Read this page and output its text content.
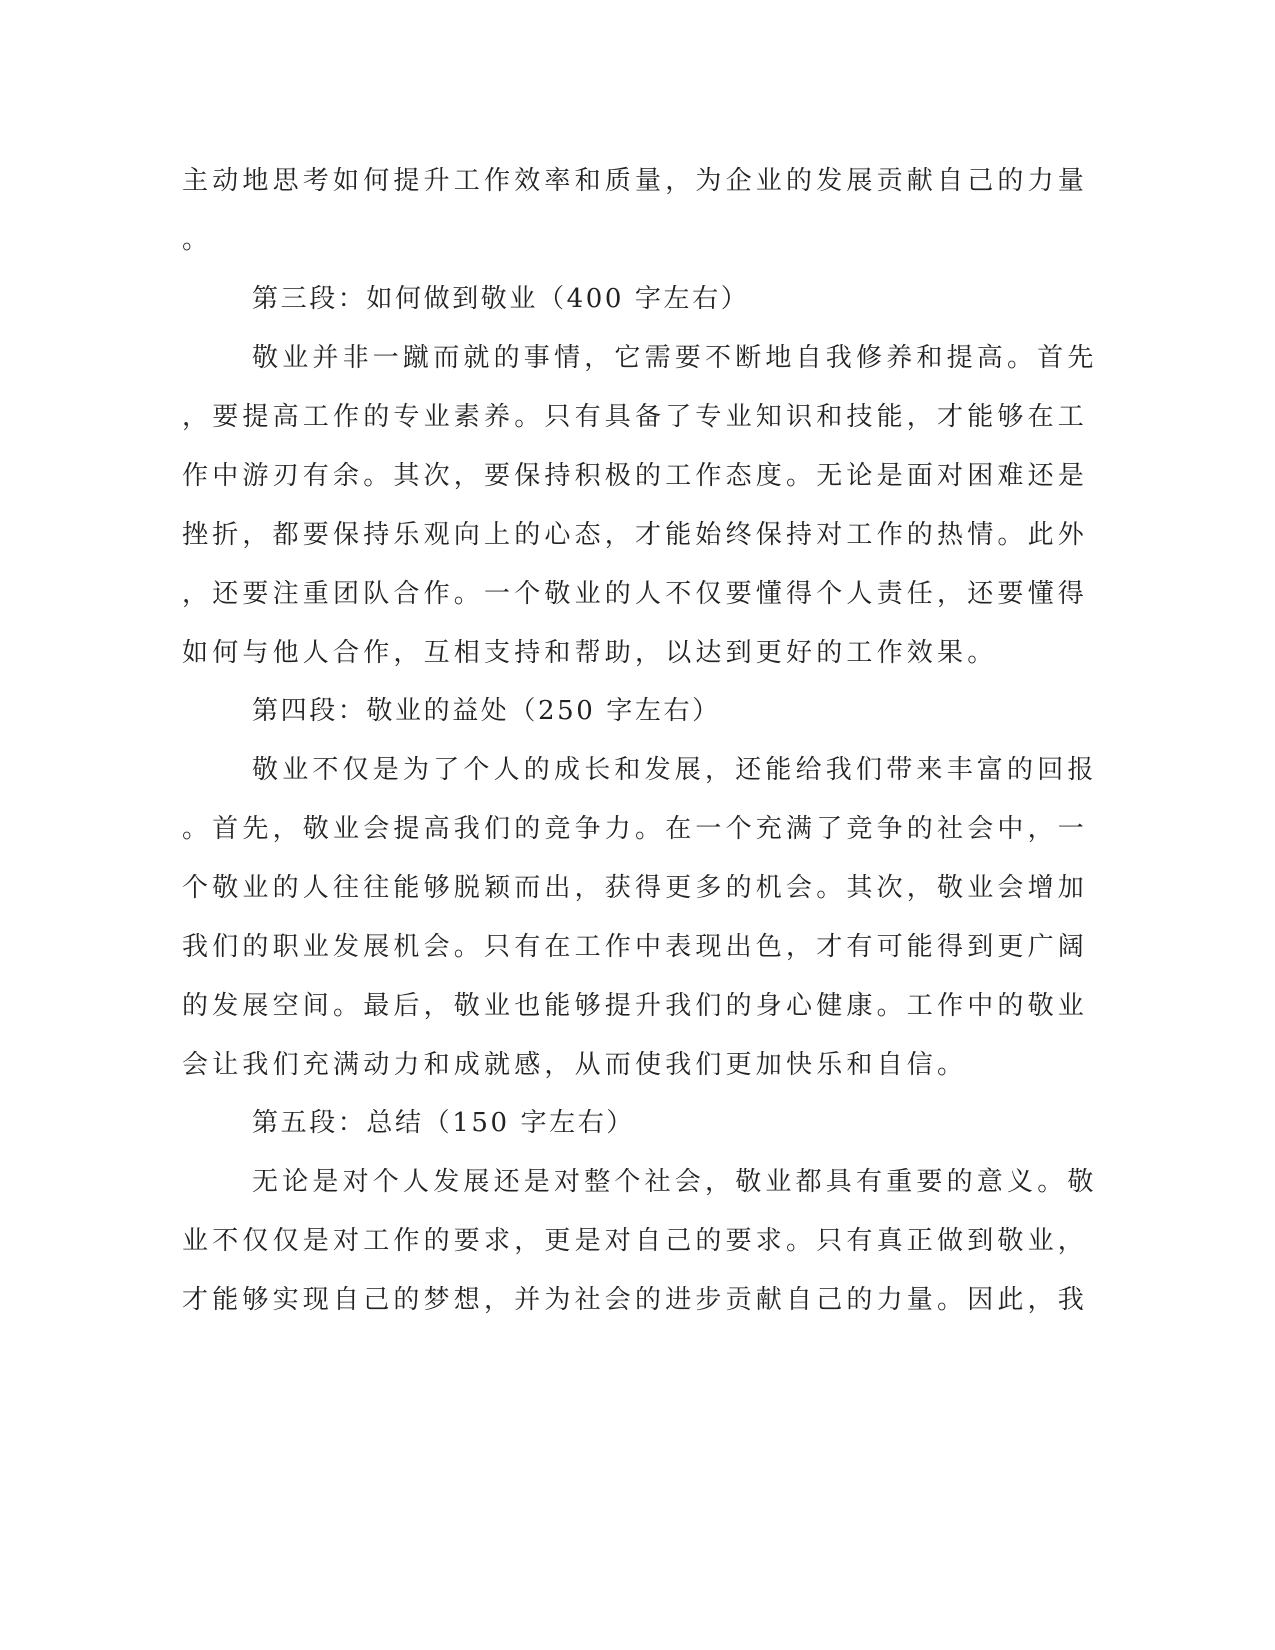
主动地思考如何提升工作效率和质量，为企业的发展贡献自己的力量
。
第三段：如何做到敬业（400 字左右）
敬业并非一蹴而就的事情，它需要不断地自我修养和提高。首先
，要提高工作的专业素养。只有具备了专业知识和技能，才能够在工
作中游刃有余。其次，要保持积极的工作态度。无论是面对困难还是
挫折，都要保持乐观向上的心态，才能始终保持对工作的热情。此外
，还要注重团队合作。一个敬业的人不仅要懂得个人责任，还要懂得
如何与他人合作，互相支持和帮助，以达到更好的工作效果。
第四段：敬业的益处（250 字左右）
敬业不仅是为了个人的成长和发展，还能给我们带来丰富的回报
。首先，敬业会提高我们的竞争力。在一个充满了竞争的社会中，一
个敬业的人往往能够脱颖而出，获得更多的机会。其次，敬业会增加
我们的职业发展机会。只有在工作中表现出色，才有可能得到更广阔
的发展空间。最后，敬业也能够提升我们的身心健康。工作中的敬业
会让我们充满动力和成就感，从而使我们更加快乐和自信。
第五段：总结（150 字左右）
无论是对个人发展还是对整个社会，敬业都具有重要的意义。敬
业不仅仅是对工作的要求，更是对自己的要求。只有真正做到敬业，
才能够实现自己的梦想，并为社会的进步贡献自己的力量。因此，我
